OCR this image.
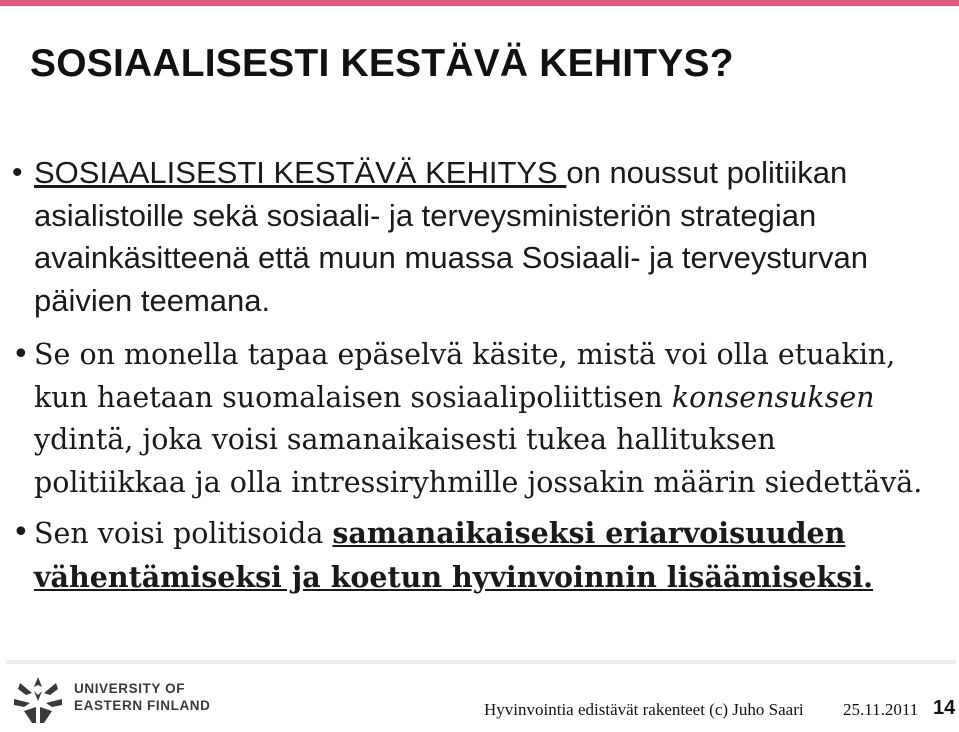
SOSIAALISESTI KESTÄVÄ KEHITYS?

• SOSIAALISESTI KESTÄVÄ KEHITYS on noussut politiikan asialistoille sekä sosiaali- ja terveysministeriön strategian avainkäsitteenä että muun muassa Sosiaali- ja terveysturvan päivien teemana.

• Se on monella tapaa epäselvä käsite, mistä voi olla etuakin, kun haetaan suomalaisen sosiaalipoliittisen konsensuksen ydintä, joka voisi samanaikaisesti tukea hallituksen politiikkaa ja olla intressiryhmille jossakin määrin siedettävä.

• Sen voisi politisoida samanaikaiseksi eriarvoisuuden vähentämiseksi ja koetun hyvinvoinnin lisäämiseksi.

UNIVERSITY OF
EASTERN FINLAND	Hyvinvointia edistävät rakenteet (c) Juho Saari 25.11.2011 14
